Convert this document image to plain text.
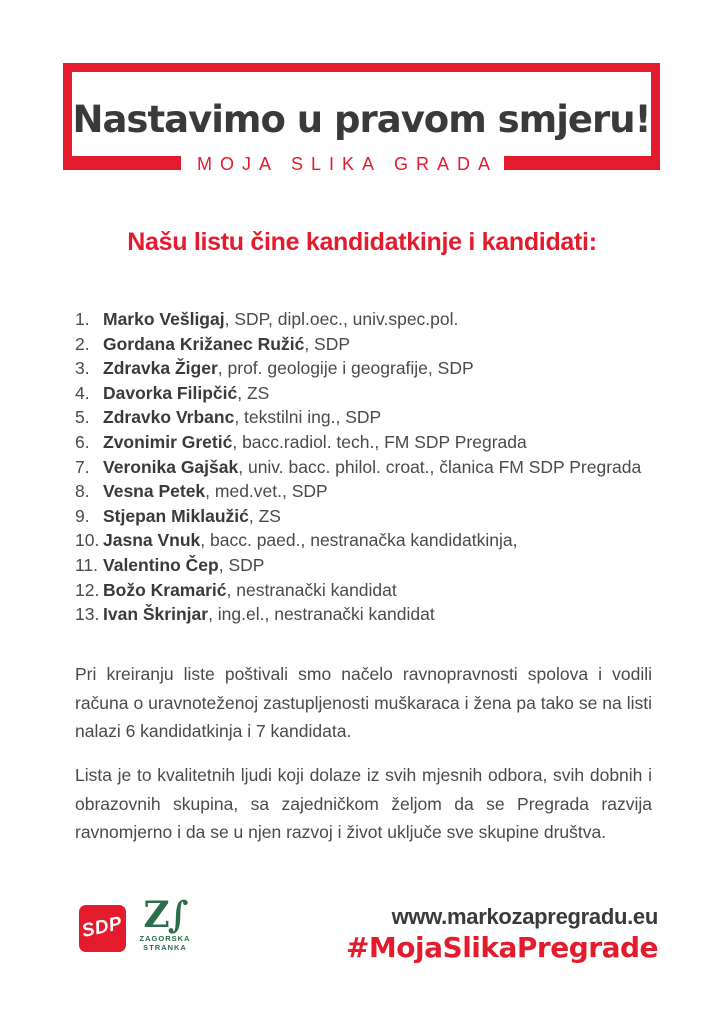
Nastavimo u pravom smjeru!
MOJA SLIKA GRADA
Našu listu čine kandidatkinje i kandidati:
1. Marko Vešligaj, SDP, dipl.oec., univ.spec.pol.
2. Gordana Križanec Ružić, SDP
3. Zdravka Žiger, prof. geologije i geografije, SDP
4. Davorka Filipčić, ZS
5. Zdravko Vrbanc, tekstilni ing., SDP
6. Zvonimir Gretić, bacc.radiol. tech., FM SDP Pregrada
7. Veronika Gajšak, univ. bacc. philol. croat., članica FM SDP Pregrada
8. Vesna Petek, med.vet., SDP
9. Stjepan Miklaužić, ZS
10. Jasna Vnuk, bacc. paed., nestranačka kandidatkinja,
11. Valentino Čep, SDP
12. Božo Kramarić, nestranački kandidat
13. Ivan Škrinjar, ing.el., nestranački kandidat
Pri kreiranju liste poštivali smo načelo ravnopravnosti spolova i vodili računa o uravnoteženoj zastupljenosti muškaraca i žena pa tako se na listi nalazi 6 kandidatkinja i 7 kandidata.
Lista je to kvalitetnih ljudi koji dolaze iz svih mjesnih odbora, svih dobnih i obrazovnih skupina, sa zajedničkom željom da se Pregrada razvija ravnomjerno i da se u njen razvoj i život uključe sve skupine društva.
SDP Z∫
ZAGORSKA
STRANKA
www.markozapregradu.eu
#MojaSlikaPregrade
